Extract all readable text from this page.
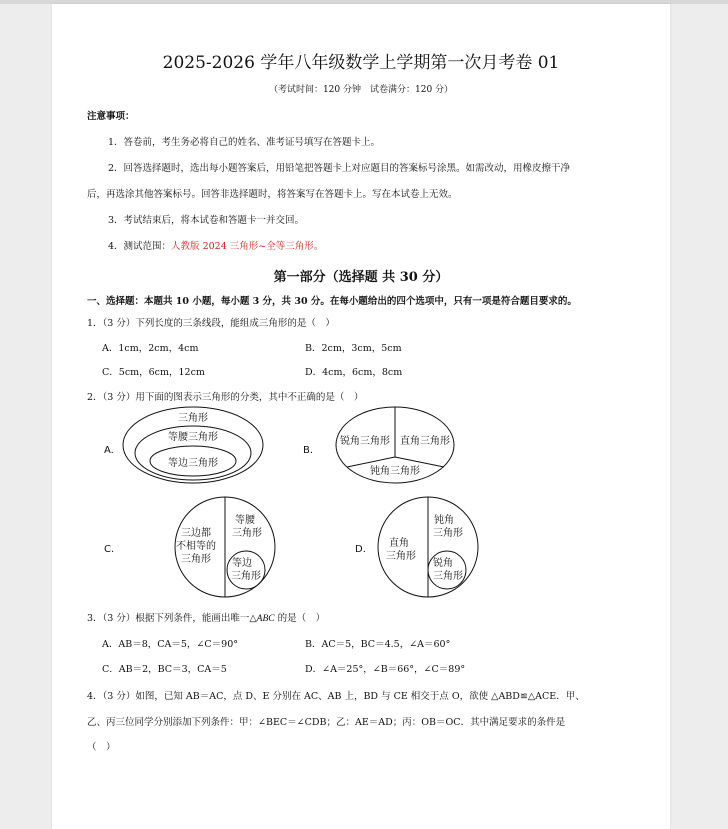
2025-2026 学年八年级数学上学期第一次月考卷 01
（考试时间：120 分钟　试卷满分：120 分）
注意事项：
1．答卷前，考生务必将自己的姓名、准考证号填写在答题卡上。
2．回答选择题时，选出每小题答案后，用铅笔把答题卡上对应题目的答案标号涂黑。如需改动，用橡皮擦干净
后，再选涂其他答案标号。回答非选择题时，将答案写在答题卡上。写在本试卷上无效。
3．考试结束后，将本试卷和答题卡一并交回。
4．测试范围：人教版 2024 三角形~全等三角形。
第一部分（选择题 共 30 分）
一、选择题：本题共 10 小题，每小题 3 分，共 30 分。在每小题给出的四个选项中，只有一项是符合题目要求的。
1．（3 分）下列长度的三条线段，能组成三角形的是（　）
A．1cm，2cm，4cm	B．2cm，3cm，5cm
C．5cm，6cm，12cm	D．4cm，6cm，8cm
2．（3 分）用下面的图表示三角形的分类，其中不正确的是（　）
A.
三角形
等腰三角形
等边三角形
B.
锐角三角形 直角三角形
钝角三角形
C.
三边都
不相等的
三角形
等腰
三角形
等边
三角形
D.
直角
三角形
钝角
三角形
锐角
三角形
3．（3 分）根据下列条件，能画出唯一△ABC 的是（　）
A．AB＝8，CA＝5，∠C＝90°	B．AC＝5，BC＝4.5，∠A＝60°
C．AB＝2，BC＝3，CA＝5	D．∠A＝25°，∠B＝66°，∠C＝89°
4．（3 分）如图，已知 AB＝AC，点 D、E 分别在 AC、AB 上，BD 与 CE 相交于点 O，欲使 △ABD≌△ACE．甲、
乙、丙三位同学分别添加下列条件：甲：∠BEC＝∠CDB；乙：AE＝AD；丙：OB＝OC．其中满足要求的条件是
（　）
